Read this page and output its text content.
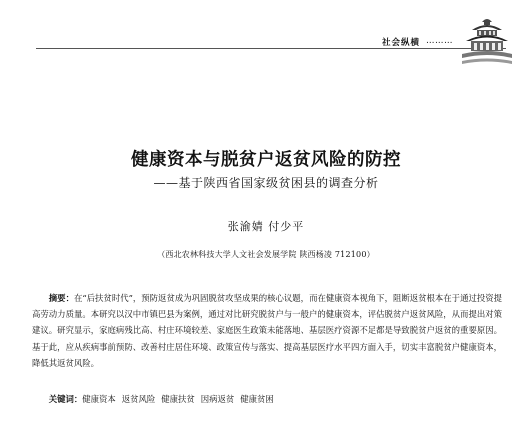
社会纵横 ………
健康资本与脱贫户返贫风险的防控
——基于陕西省国家级贫困县的调查分析
张渝婧 付少平
（西北农林科技大学人文社会发展学院 陕西杨凌 712100）

摘要：在“后扶贫时代”，预防返贫成为巩固脱贫攻坚成果的核心议题，而在健康资本视角下，阻断返贫根本在于通过投资提高劳动力质量。本研究以汉中市镇巴县为案例，通过对比研究脱贫户与一般户的健康资本，评估脱贫户返贫风险，从而提出对策建议。研究显示，家庭病残比高、村庄环境较差、家庭医生政策未能落地、基层医疗资源不足都是导致脱贫户返贫的重要原因。基于此，应从疾病事前预防、改善村庄居住环境、政策宣传与落实、提高基层医疗水平四方面入手，切实丰富脱贫户健康资本，降低其返贫风险。

关键词：健康资本 返贫风险 健康扶贫 因病返贫 健康贫困
